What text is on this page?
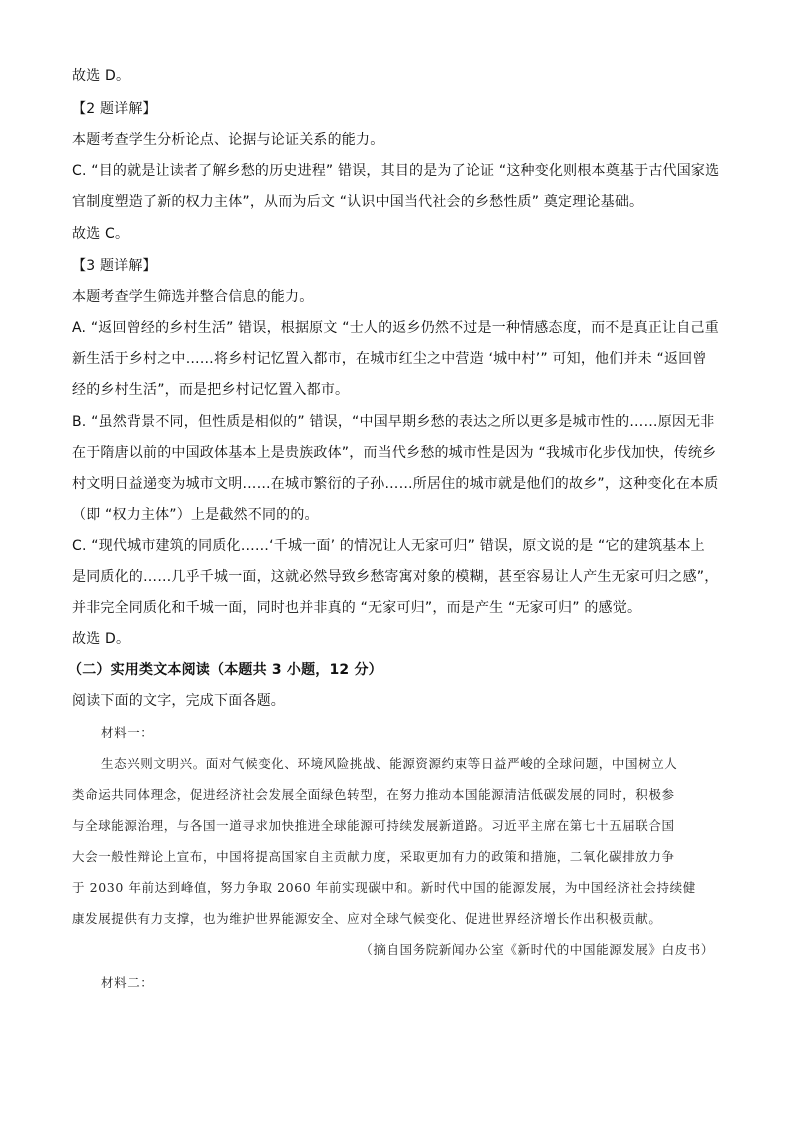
故选 D。
【2 题详解】
本题考查学生分析论点、论据与论证关系的能力。
C. “目的就是让读者了解乡愁的历史进程” 错误，其目的是为了论证 “这种变化则根本奠基于古代国家选
官制度塑造了新的权力主体”，从而为后文 “认识中国当代社会的乡愁性质” 奠定理论基础。
故选 C。
【3 题详解】
本题考查学生筛选并整合信息的能力。
A. “返回曾经的乡村生活” 错误，根据原文 “士人的返乡仍然不过是一种情感态度，而不是真正让自己重
新生活于乡村之中……将乡村记忆置入都市，在城市红尘之中营造 ‘城中村’” 可知，他们并未 “返回曾
经的乡村生活”，而是把乡村记忆置入都市。
B. “虽然背景不同，但性质是相似的” 错误，“中国早期乡愁的表达之所以更多是城市性的……原因无非
在于隋唐以前的中国政体基本上是贵族政体”，而当代乡愁的城市性是因为 “我城市化步伐加快，传统乡
村文明日益递变为城市文明……在城市繁衍的子孙……所居住的城市就是他们的故乡”，这种变化在本质
（即 “权力主体”）上是截然不同的的。
C. “现代城市建筑的同质化……‘千城一面’ 的情况让人无家可归” 错误，原文说的是 “它的建筑基本上
是同质化的……几乎千城一面，这就必然导致乡愁寄寓对象的模糊，甚至容易让人产生无家可归之感”，
并非完全同质化和千城一面，同时也并非真的 “无家可归”，而是产生 “无家可归” 的感觉。
故选 D。
（二）实用类文本阅读（本题共 3 小题，12 分）
阅读下面的文字，完成下面各题。
材料一：
生态兴则文明兴。面对气候变化、环境风险挑战、能源资源约束等日益严峻的全球问题，中国树立人
类命运共同体理念，促进经济社会发展全面绿色转型，在努力推动本国能源清洁低碳发展的同时，积极参
与全球能源治理，与各国一道寻求加快推进全球能源可持续发展新道路。习近平主席在第七十五届联合国
大会一般性辩论上宣布，中国将提高国家自主贡献力度，采取更加有力的政策和措施，二氧化碳排放力争
于 2030 年前达到峰值，努力争取 2060 年前实现碳中和。新时代中国的能源发展，为中国经济社会持续健
康发展提供有力支撑，也为维护世界能源安全、应对全球气候变化、促进世界经济增长作出积极贡献。
（摘自国务院新闻办公室《新时代的中国能源发展》白皮书）
材料二：
